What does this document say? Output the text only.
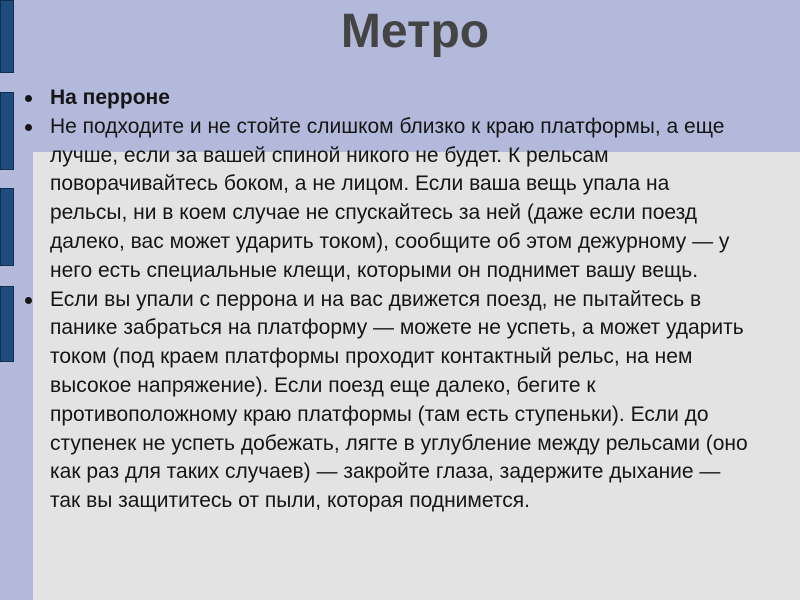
Метро
На перроне
Не подходите и не стойте слишком близко к краю платформы, а еще лучше, если за вашей спиной никого не будет. К рельсам поворачивайтесь боком, а не лицом. Если ваша вещь упала на рельсы, ни в коем случае не спускайтесь за ней (даже если поезд далеко, вас может ударить током), сообщите об этом дежурному — у него есть специальные клещи, которыми он поднимет вашу вещь.
Если вы упали с перрона и на вас движется поезд, не пытайтесь в панике забраться на платформу — можете не успеть, а может ударить током (под краем платформы проходит контактный рельс, на нем высокое напряжение). Если поезд еще далеко, бегите к противоположному краю платформы (там есть ступеньки). Если до ступенек не успеть добежать, лягте в углубление между рельсами (оно как раз для таких случаев) — закройте глаза, задержите дыхание — так вы защититесь от пыли, которая поднимется.
